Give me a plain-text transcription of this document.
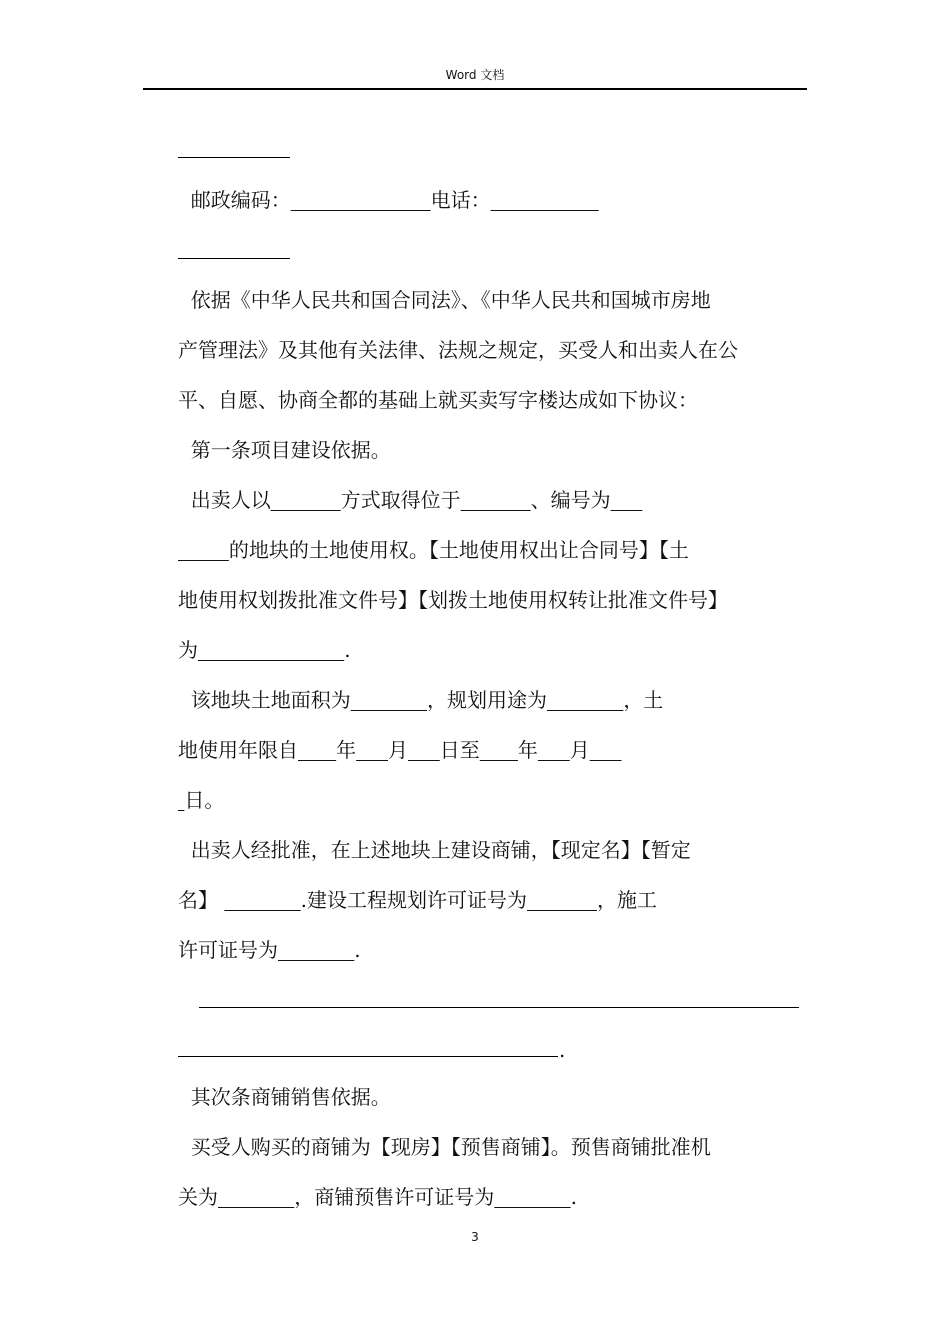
Word 文档
邮政编码：	电话：
依据《中华人民共和国合同法》、《中华人民共和国城市房地
产管理法》及其他有关法律、法规之规定，买受人和出卖人在公
平、自愿、协商全都的基础上就买卖写字楼达成如下协议：
第一条项目建设依据。
出卖人以	方式取得位于	、编号为
的地块的土地使用权。【土地使用权出让合同号】【土
地使用权划拨批准文件号】【划拨土地使用权转让批准文件号】
为	.
该地块土地面积为	，规划用途为	，土
地使用年限自 年 月 日至 年 月
日。
出卖人经批准，在上述地块上建设商铺，【现定名】【暂定
名】	.建设工程规划许可证号为	，施工
许可证号为	.
.
其次条商铺销售依据。
买受人购买的商铺为【现房】【预售商铺】。预售商铺批准机
关为	，商铺预售许可证号为	.
3
